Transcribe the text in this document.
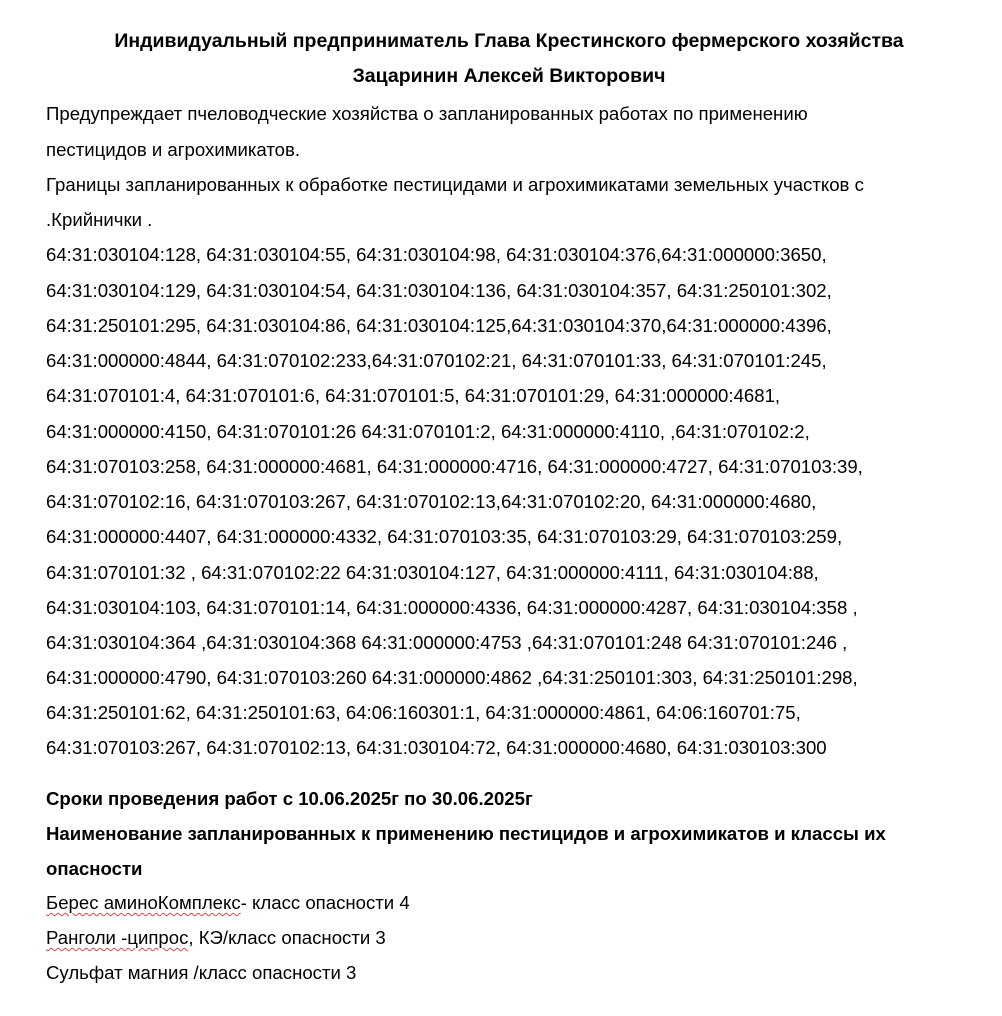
Индивидуальный предприниматель Глава Крестинского фермерского хозяйства
Зацаринин Алексей Викторович
Предупреждает пчеловодческие хозяйства о запланированных работах по применению
пестицидов и агрохимикатов.
Границы запланированных к обработке пестицидами и агрохимикатами земельных участков с
.Крийнички .
64:31:030104:128, 64:31:030104:55, 64:31:030104:98, 64:31:030104:376,64:31:000000:3650,
64:31:030104:129, 64:31:030104:54, 64:31:030104:136, 64:31:030104:357, 64:31:250101:302,
64:31:250101:295, 64:31:030104:86, 64:31:030104:125,64:31:030104:370,64:31:000000:4396,
64:31:000000:4844, 64:31:070102:233,64:31:070102:21, 64:31:070101:33, 64:31:070101:245,
64:31:070101:4, 64:31:070101:6, 64:31:070101:5, 64:31:070101:29, 64:31:000000:4681,
64:31:000000:4150, 64:31:070101:26 64:31:070101:2, 64:31:000000:4110, ,64:31:070102:2,
64:31:070103:258, 64:31:000000:4681, 64:31:000000:4716, 64:31:000000:4727, 64:31:070103:39,
64:31:070102:16, 64:31:070103:267, 64:31:070102:13,64:31:070102:20, 64:31:000000:4680,
64:31:000000:4407, 64:31:000000:4332, 64:31:070103:35, 64:31:070103:29, 64:31:070103:259,
64:31:070101:32 , 64:31:070102:22 64:31:030104:127, 64:31:000000:4111, 64:31:030104:88,
64:31:030104:103, 64:31:070101:14, 64:31:000000:4336, 64:31:000000:4287, 64:31:030104:358 ,
64:31:030104:364 ,64:31:030104:368 64:31:000000:4753 ,64:31:070101:248 64:31:070101:246 ,
64:31:000000:4790, 64:31:070103:260 64:31:000000:4862 ,64:31:250101:303, 64:31:250101:298,
64:31:250101:62, 64:31:250101:63, 64:06:160301:1, 64:31:000000:4861, 64:06:160701:75,
64:31:070103:267, 64:31:070102:13, 64:31:030104:72, 64:31:000000:4680, 64:31:030103:300
Сроки проведения работ с 10.06.2025г по 30.06.2025г
Наименование запланированных к применению пестицидов и агрохимикатов и классы их
опасности
Берес аминоКомплекс- класс опасности 4
Ранголи -ципрос, КЭ/класс опасности 3
Сульфат магния /класс опасности 3
